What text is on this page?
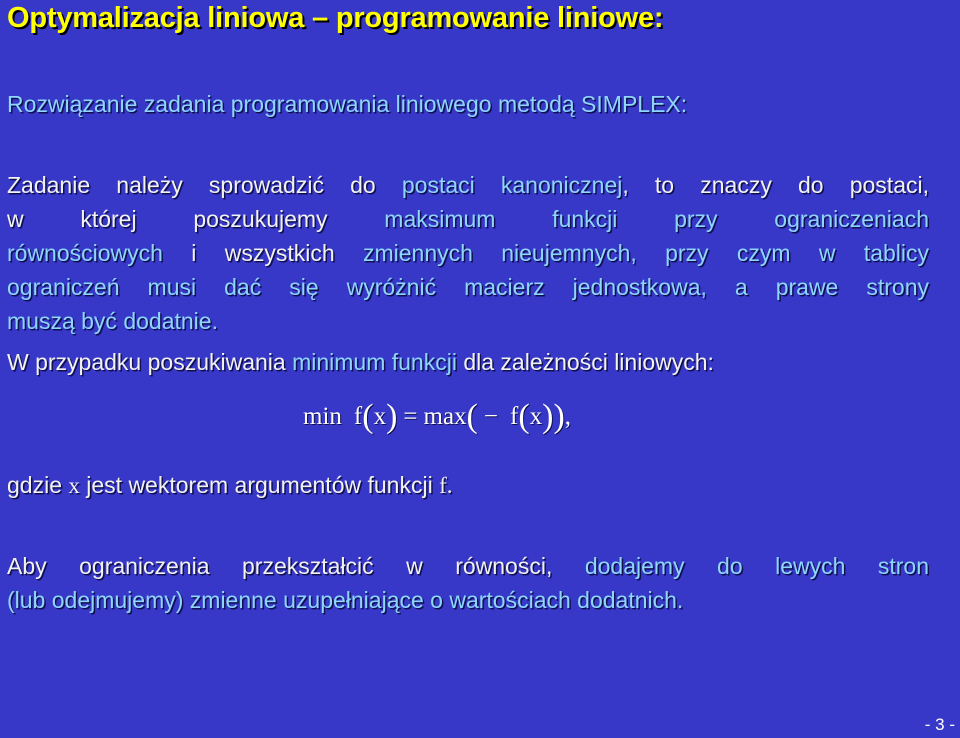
Optymalizacja liniowa – programowanie liniowe:
Rozwiązanie zadania programowania liniowego metodą SIMPLEX:
Zadanie należy sprowadzić do postaci kanonicznej, to znaczy do postaci,
w której poszukujemy maksimum funkcji przy ograniczeniach
równościowych i wszystkich zmiennych nieujemnych, przy czym w tablicy
ograniczeń musi dać się wyróżnić macierz jednostkowa, a prawe strony
muszą być dodatnie.
W przypadku poszukiwania minimum funkcji dla zależności liniowych:
min f(x) = max( − f(x)),
gdzie x jest wektorem argumentów funkcji f.
Aby ograniczenia przekształcić w równości, dodajemy do lewych stron
(lub odejmujemy) zmienne uzupełniające o wartościach dodatnich.
- 3 -
